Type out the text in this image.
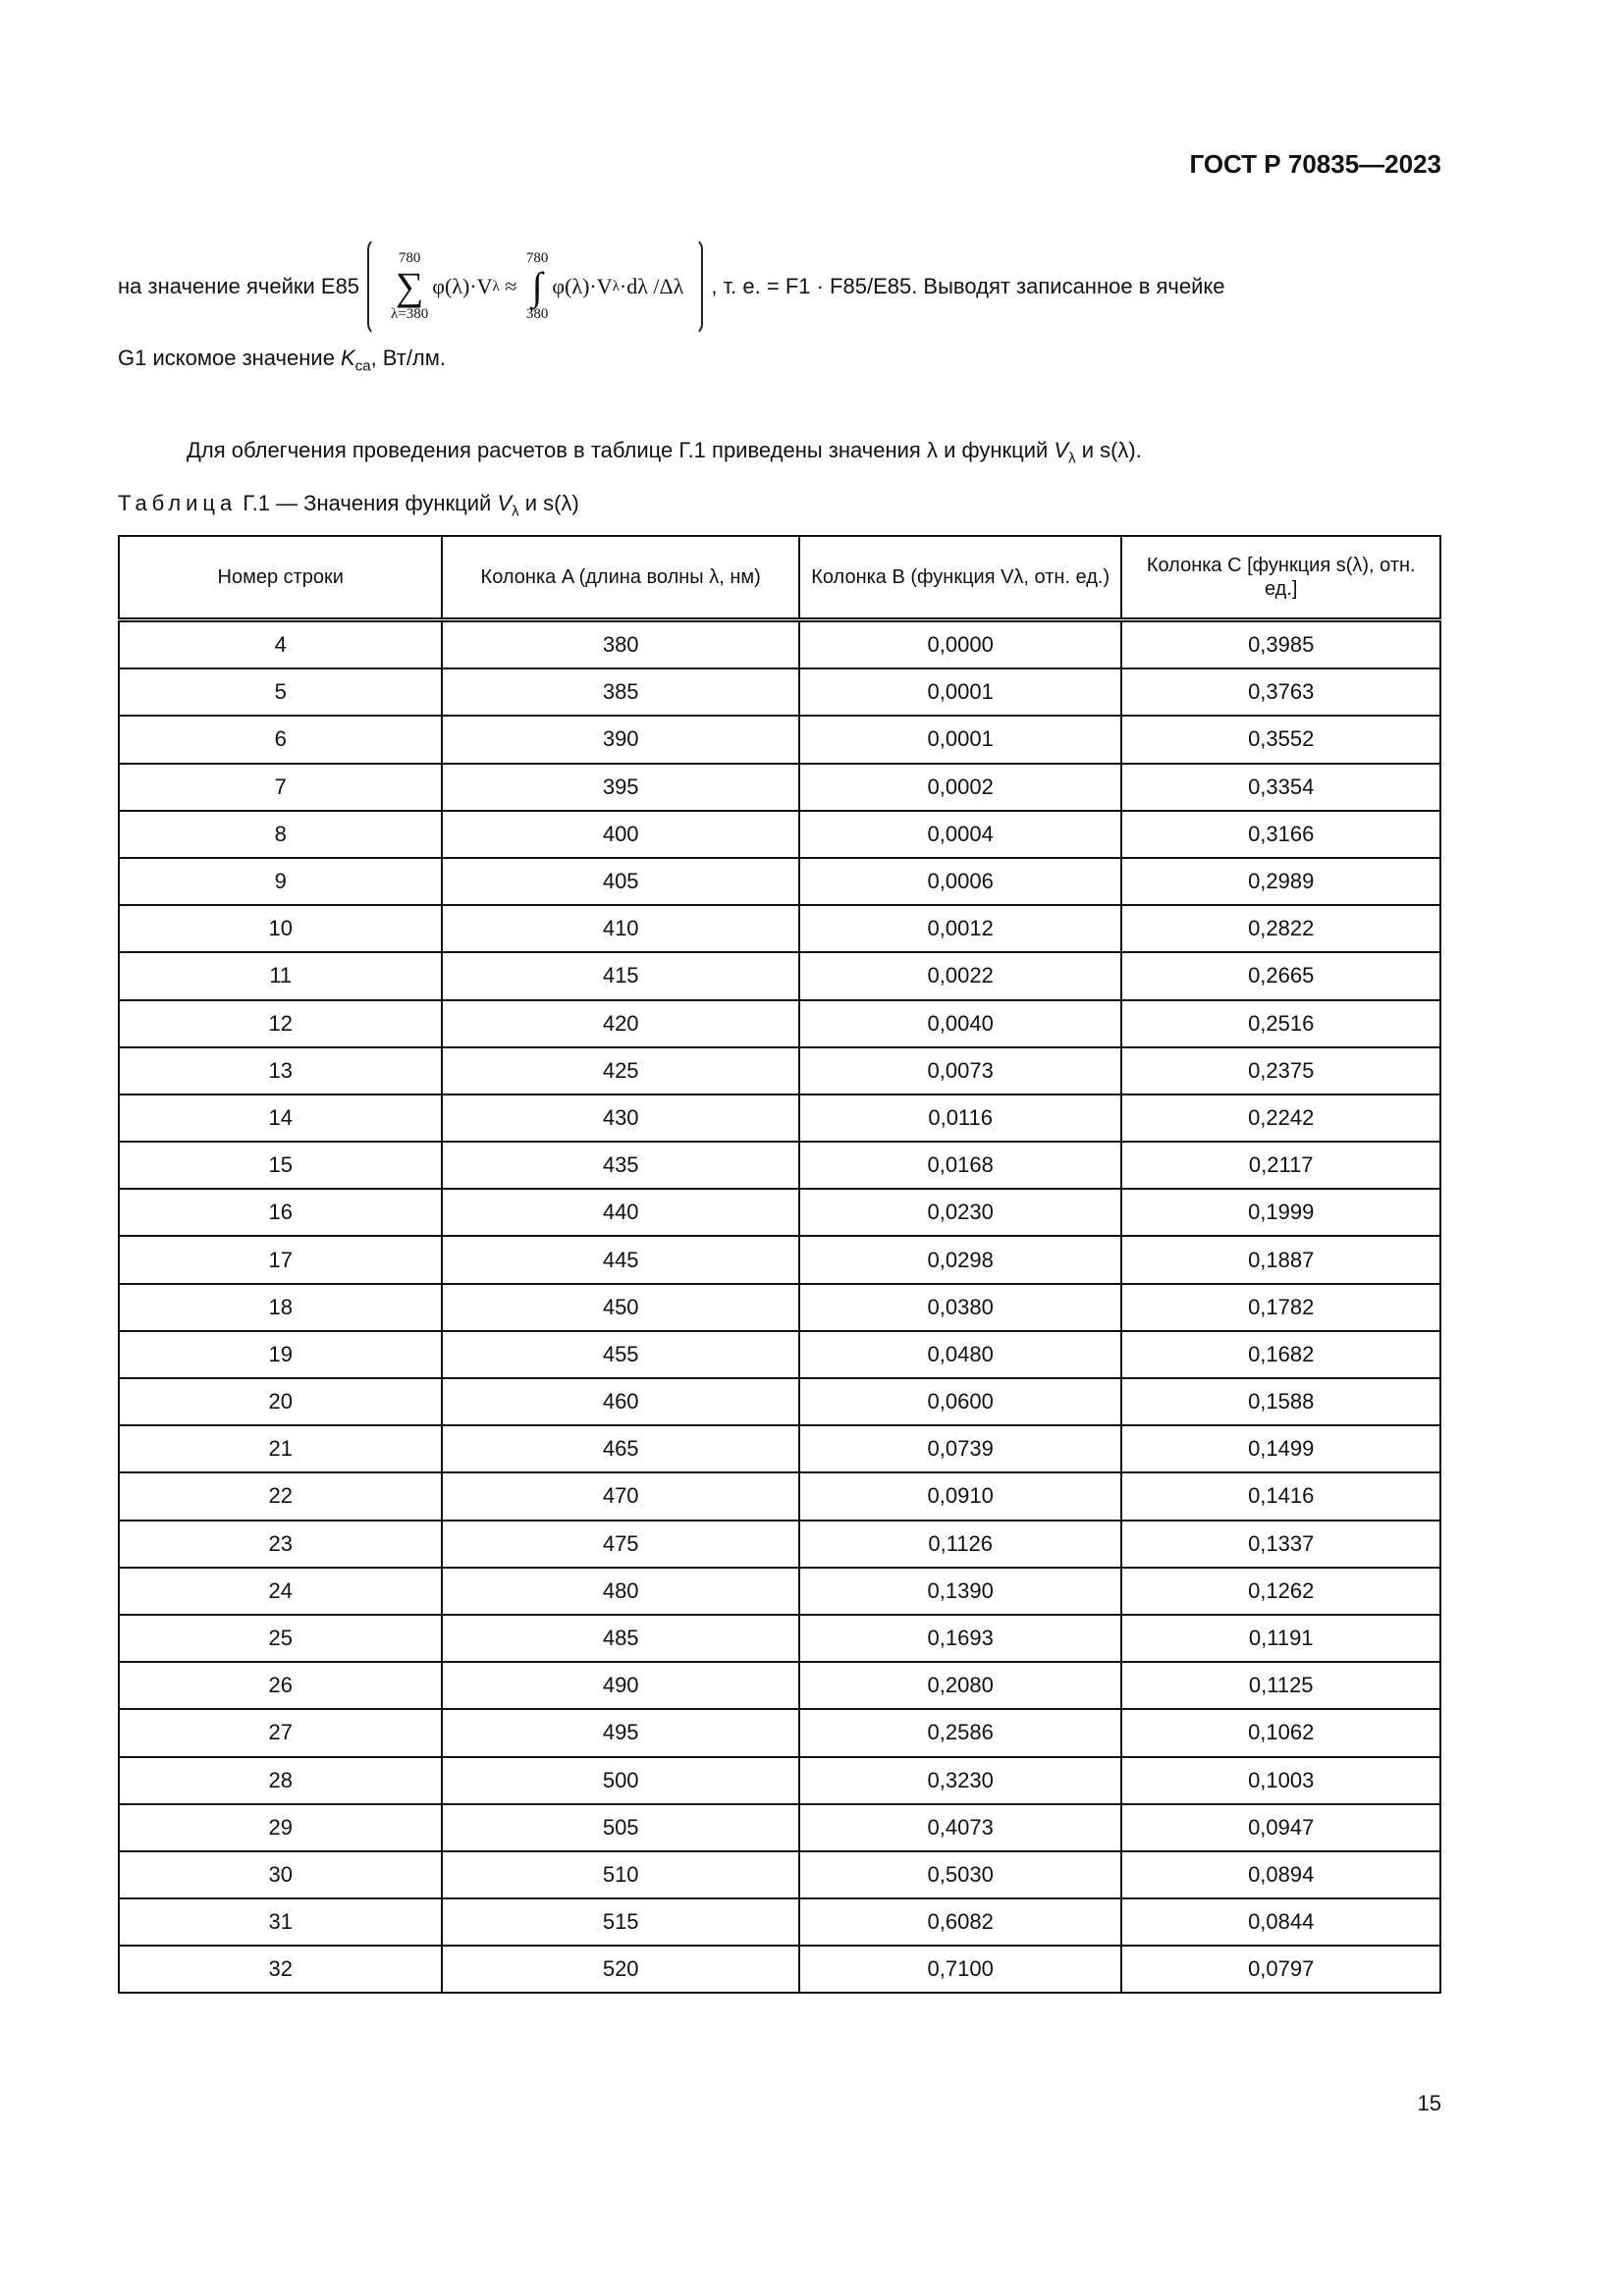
ГОСТ Р 70835—2023
на значение ячейки E85
780
∑
λ=380
φ(λ)·V λ
≈

780
∫
380
φ(λ)·V λ ·dλ /Δλ , т. е. = F1 · F85/E85. Выводят записанное в ячейке
G1 искомое значение $K_{ca}$, Вт/лм.
Для облегчения проведения расчетов в таблице Г.1 приведены значения λ и функций $V_\lambda$ и s(λ).
Таблица Г.1 — Значения функций $V_\lambda$ и s(λ)
Номер строки	Колонка A (длина волны λ, нм)	Колонка B (функция Vλ, отн. ед.)	Колонка C [функция s(λ), отн. ед.]
4	380	0,0000	0,3985
5	385	0,0001	0,3763
6	390	0,0001	0,3552
7	395	0,0002	0,3354
8	400	0,0004	0,3166
9	405	0,0006	0,2989
10	410	0,0012	0,2822
11	415	0,0022	0,2665
12	420	0,0040	0,2516
13	425	0,0073	0,2375
14	430	0,0116	0,2242
15	435	0,0168	0,2117
16	440	0,0230	0,1999
17	445	0,0298	0,1887
18	450	0,0380	0,1782
19	455	0,0480	0,1682
20	460	0,0600	0,1588
21	465	0,0739	0,1499
22	470	0,0910	0,1416
23	475	0,1126	0,1337
24	480	0,1390	0,1262
25	485	0,1693	0,1191
26	490	0,2080	0,1125
27	495	0,2586	0,1062
28	500	0,3230	0,1003
29	505	0,4073	0,0947
30	510	0,5030	0,0894
31	515	0,6082	0,0844
32	520	0,7100	0,0797
15
